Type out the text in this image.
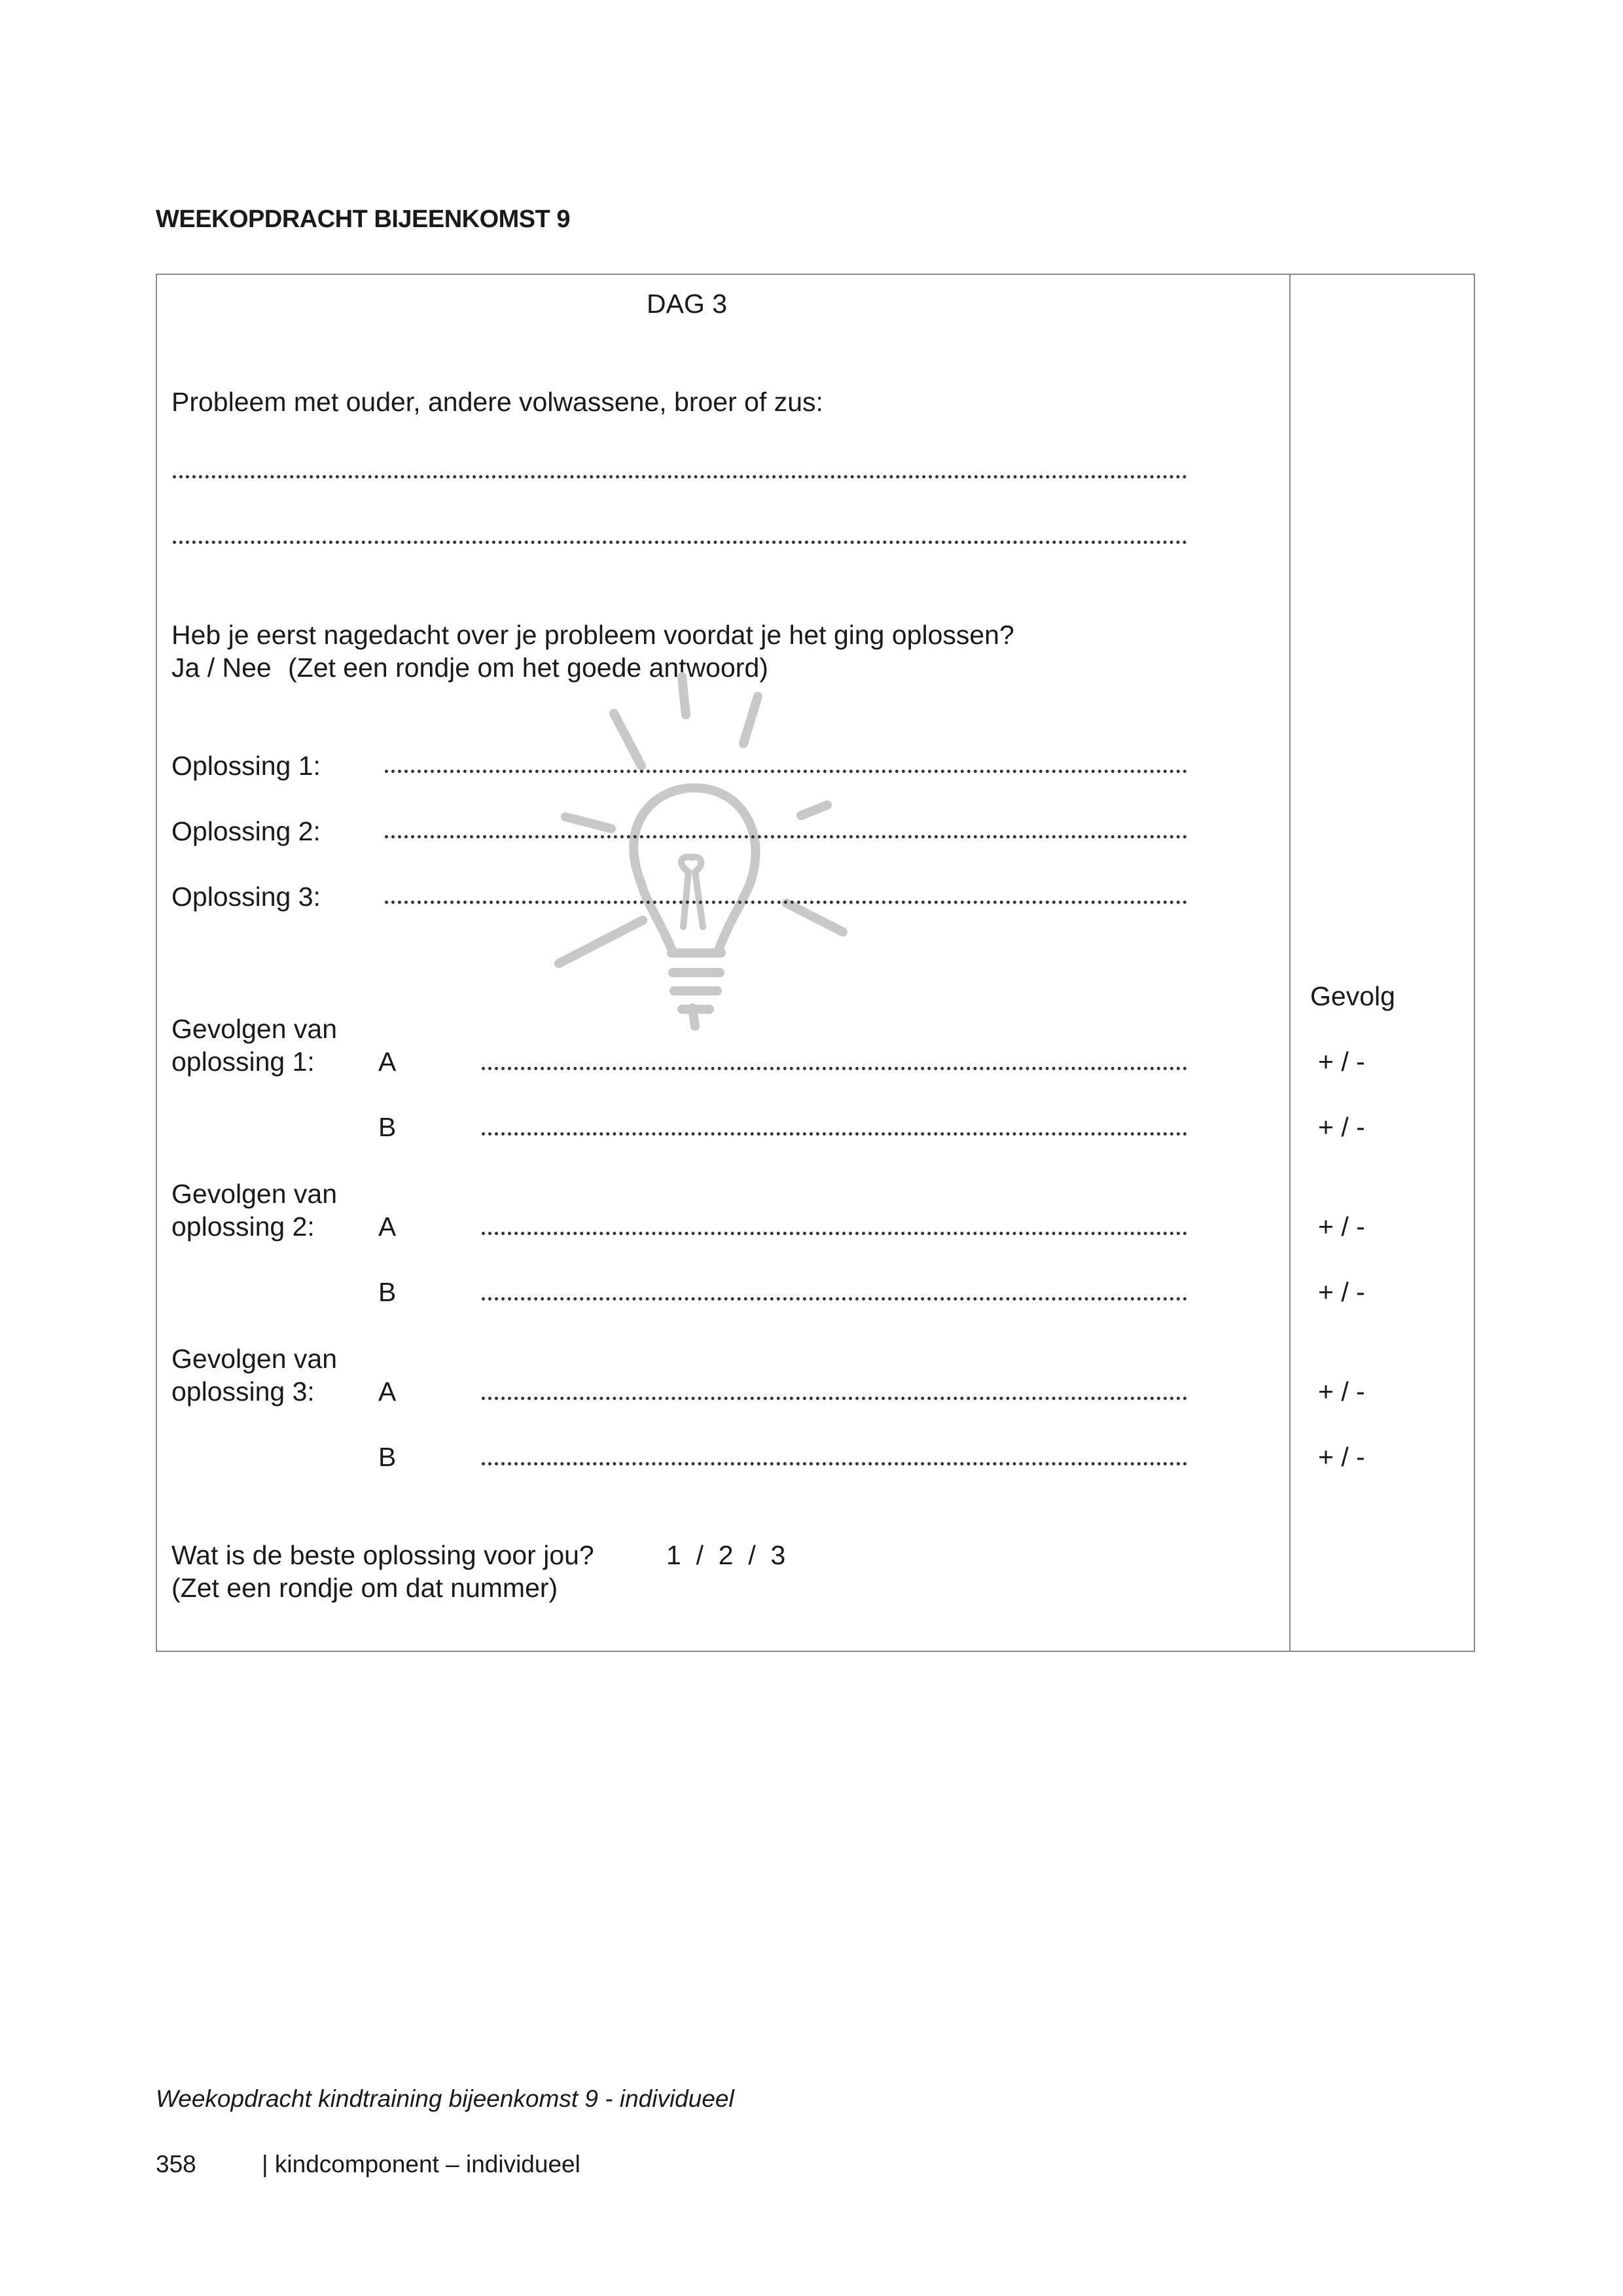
WEEKOPDRACHT BIJEENKOMST 9
DAG 3
Probleem met ouder, andere volwassene, broer of zus:
Heb je eerst nagedacht over je probleem voordat je het ging oplossen?
Ja / Nee (Zet een rondje om het goede antwoord)
Oplossing 1:
Oplossing 2:
Oplossing 3:
Gevolg
Gevolgen van
oplossing 1: A	+ / -
B	+ / -
Gevolgen van
oplossing 2: A	+ / -
B	+ / -
Gevolgen van
oplossing 3: A	+ / -
B	+ / -
Wat is de beste oplossing voor jou?	1  /  2  /  3
(Zet een rondje om dat nummer)
Weekopdracht kindtraining bijeenkomst 9 - individueel
358	| kindcomponent – individueel
